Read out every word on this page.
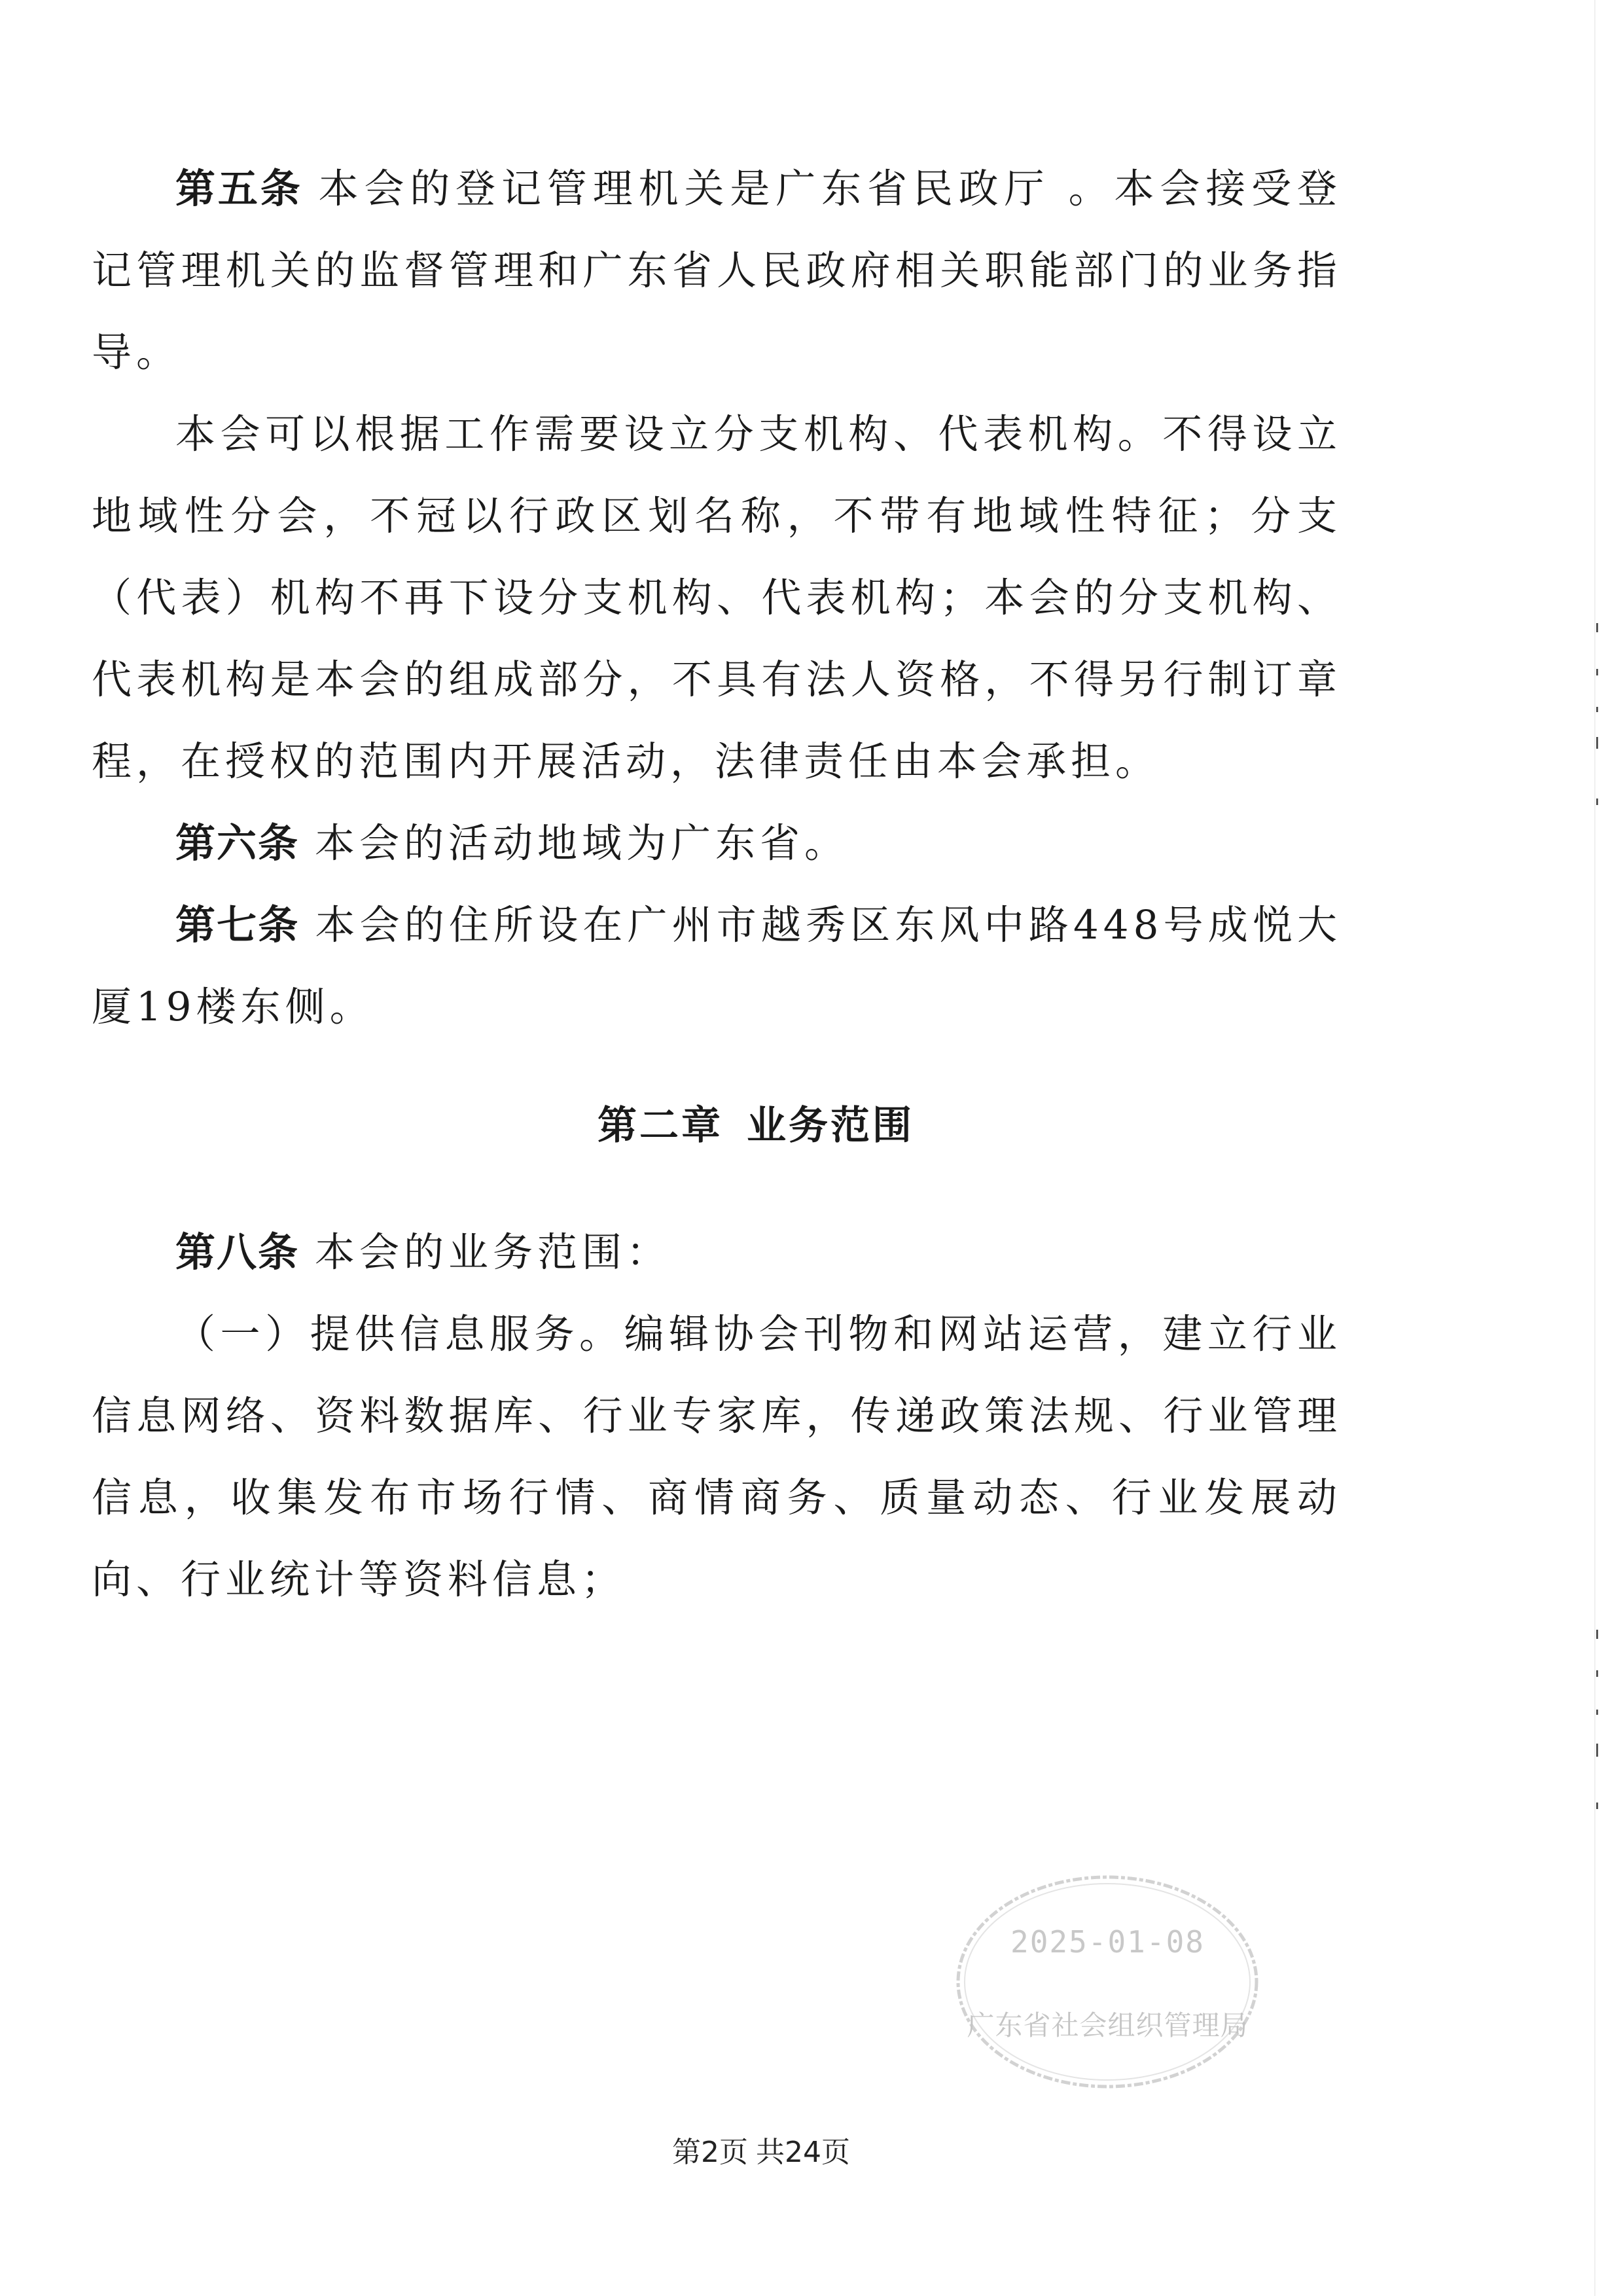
第五条 本会的登记管理机关是广东省民政厅 。本会接受登记管理机关的监督管理和广东省人民政府相关职能部门的业务指导。

本会可以根据工作需要设立分支机构、代表机构。不得设立地域性分会，不冠以行政区划名称，不带有地域性特征；分支（代表）机构不再下设分支机构、代表机构；本会的分支机构、代表机构是本会的组成部分，不具有法人资格，不得另行制订章程，在授权的范围内开展活动，法律责任由本会承担。

第六条 本会的活动地域为广东省。

第七条 本会的住所设在广州市越秀区东风中路448号成悦大厦19楼东侧。

第二章 业务范围

第八条 本会的业务范围：

（一）提供信息服务。编辑协会刊物和网站运营，建立行业信息网络、资料数据库、行业专家库，传递政策法规、行业管理信息，收集发布市场行情、商情商务、质量动态、行业发展动向、行业统计等资料信息；

2025-01-08
广东省社会组织管理局
第2页 共24页
